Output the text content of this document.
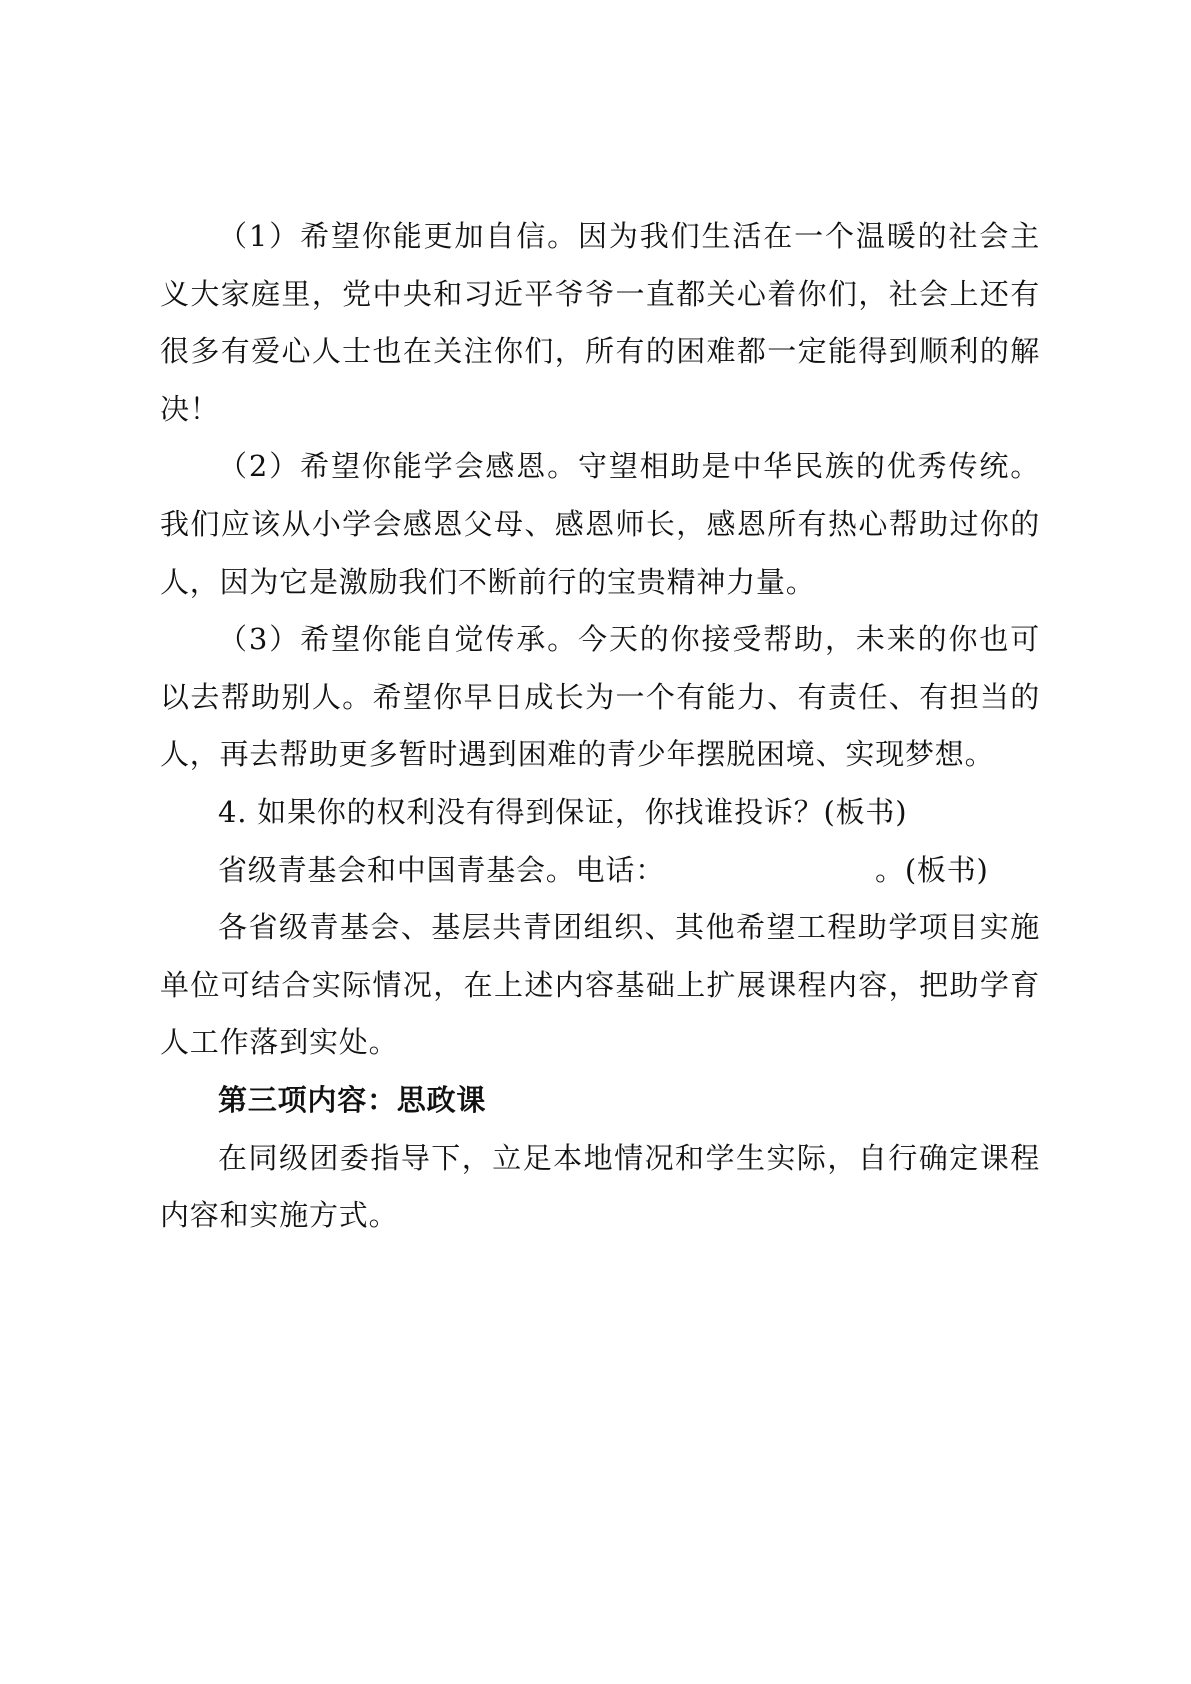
（1）希望你能更加自信。因为我们生活在一个温暖的社会主义大家庭里，党中央和习近平爷爷一直都关心着你们，社会上还有很多有爱心人士也在关注你们，所有的困难都一定能得到顺利的解决！

（2）希望你能学会感恩。守望相助是中华民族的优秀传统。我们应该从小学会感恩父母、感恩师长，感恩所有热心帮助过你的人，因为它是激励我们不断前行的宝贵精神力量。

（3）希望你能自觉传承。今天的你接受帮助，未来的你也可以去帮助别人。希望你早日成长为一个有能力、有责任、有担当的人，再去帮助更多暂时遇到困难的青少年摆脱困境、实现梦想。

4. 如果你的权利没有得到保证，你找谁投诉？(板书)

省级青基会和中国青基会。电话：	。(板书)

各省级青基会、基层共青团组织、其他希望工程助学项目实施单位可结合实际情况，在上述内容基础上扩展课程内容，把助学育人工作落到实处。

第三项内容：思政课

在同级团委指导下，立足本地情况和学生实际，自行确定课程内容和实施方式。
